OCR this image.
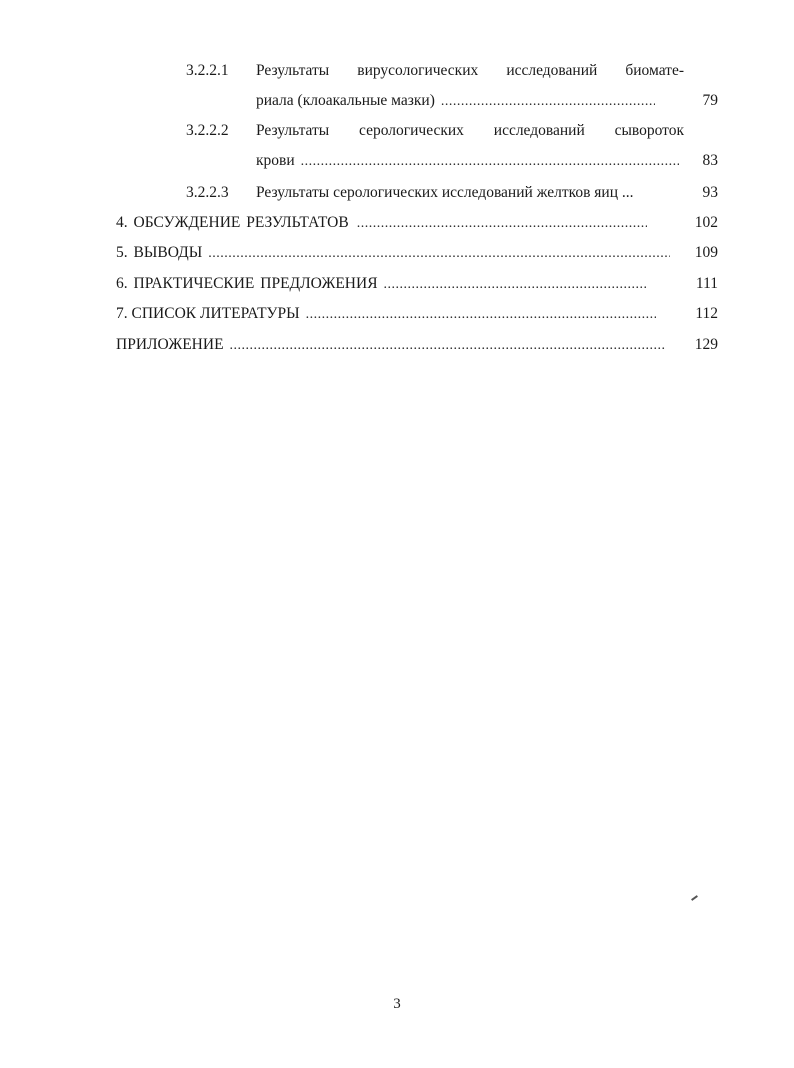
3.2.2.1	Результаты вирусологических исследований биомате-
риала (клоакальные мазки) .....	79
3.2.2.2	Результаты серологических исследований сывороток
крови .....	83
3.2.2.3	Результаты серологических исследований желтков яиц ...	93
4. ОБСУЖДЕНИЕ РЕЗУЛЬТАТОВ .....	102
5. ВЫВОДЫ .....	109
6. ПРАКТИЧЕСКИЕ ПРЕДЛОЖЕНИЯ .....	111
7. СПИСОК ЛИТЕРАТУРЫ .....	112
ПРИЛОЖЕНИЕ .....	129
3
